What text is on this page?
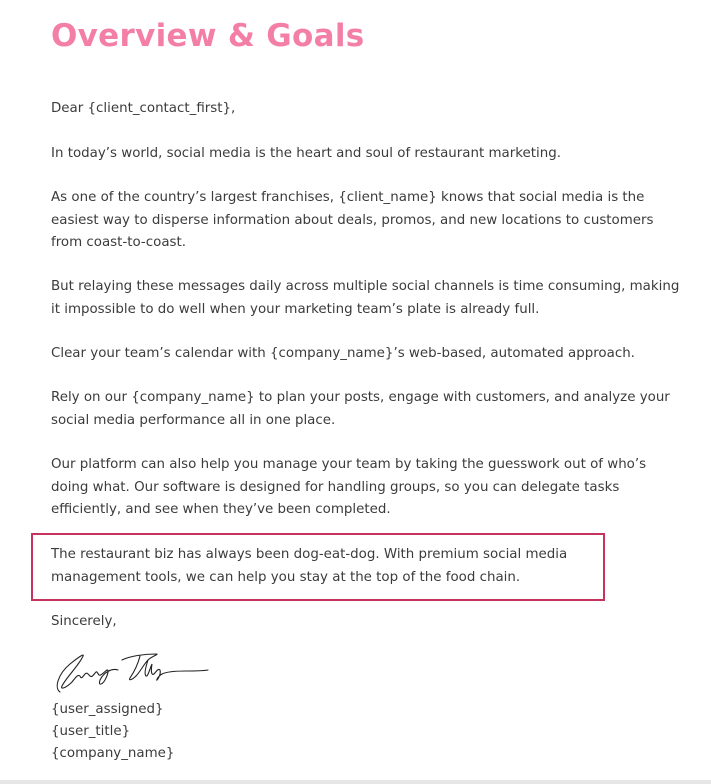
Overview & Goals

Dear {client_contact_first},

In today’s world, social media is the heart and soul of restaurant marketing.

As one of the country’s largest franchises, {client_name} knows that social media is the easiest way to disperse information about deals, promos, and new locations to customers from coast-to-coast.

But relaying these messages daily across multiple social channels is time consuming, making it impossible to do well when your marketing team’s plate is already full.

Clear your team’s calendar with {company_name}’s web-based, automated approach.

Rely on our {company_name} to plan your posts, engage with customers, and analyze your social media performance all in one place.

Our platform can also help you manage your team by taking the guesswork out of who’s doing what. Our software is designed for handling groups, so you can delegate tasks efficiently, and see when they’ve been completed.

The restaurant biz has always been dog-eat-dog. With premium social media management tools, we can help you stay at the top of the food chain.

Sincerely,

{user_assigned}

{user_title}

{company_name}
